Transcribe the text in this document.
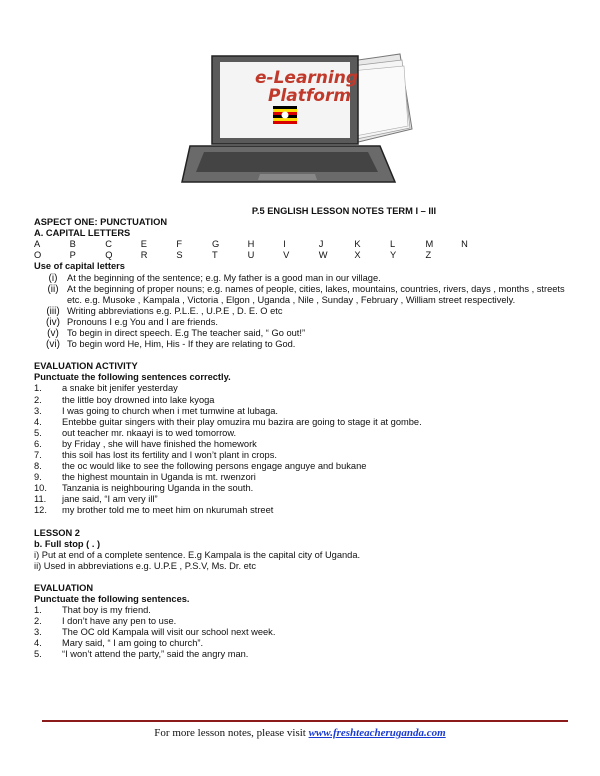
e-Learning
Platform
P.5 ENGLISH LESSON NOTES TERM I – III
ASPECT ONE: PUNCTUATION
A. CAPITAL LETTERS
A	B	C	E	F	G	H	I	J	K	L	M	N
O	P	Q	R	S	T	U	V	W	X	Y	Z
Use of capital letters
(i)	At the beginning of the sentence; e.g. My father is a good man in our village.
(ii) At the beginning of proper nouns; e.g. names of people, cities, lakes, mountains, countries, rivers, days , months , streets etc. e.g. Musoke , Kampala , Victoria , Elgon , Uganda , Nile , Sunday , February , William street respectively.
(iii) Writing abbreviations e.g. P.L.E. , U.P.E , D. E. O etc
(iv) Pronouns I e.g You and I are friends.
(v) To begin in direct speech. E.g The teacher said, “ Go out!”
(vi) To begin word He, Him, His - If they are relating to God.
EVALUATION ACTIVITY
Punctuate the following sentences correctly.
1.	a snake bit jenifer yesterday
2.	the little boy drowned into lake kyoga
3.	I was going to church when i met tumwine at lubaga.
4.	Entebbe guitar singers with their play omuzira mu bazira are going to stage it at gombe.
5.	out teacher mr. nkaayi is to wed tomorrow.
6.	by Friday , she will have finished the homework
7.	this soil has lost its fertility and I won’t plant in crops.
8.	the oc would like to see the following persons engage anguye and bukane
9.	the highest mountain in Uganda is mt. rwenzori
10.	Tanzania is neighbouring Uganda in the south.
11.	jane said, “I am very ill”
12.	my brother told me to meet him on nkurumah street
LESSON 2
b. Full stop ( . )
i) Put at end of a complete sentence. E.g Kampala is the capital city of Uganda.
ii) Used in abbreviations e.g. U.P.E , P.S.V, Ms. Dr. etc
EVALUATION
Punctuate the following sentences.
1.	That boy is my friend.
2.	I don’t have any pen to use.
3.	The OC old Kampala will visit our school next week.
4.	Mary said, “ I am going to church”.
5.	“I won’t attend the party,” said the angry man.
For more lesson notes, please visit www.freshteacheruganda.com
